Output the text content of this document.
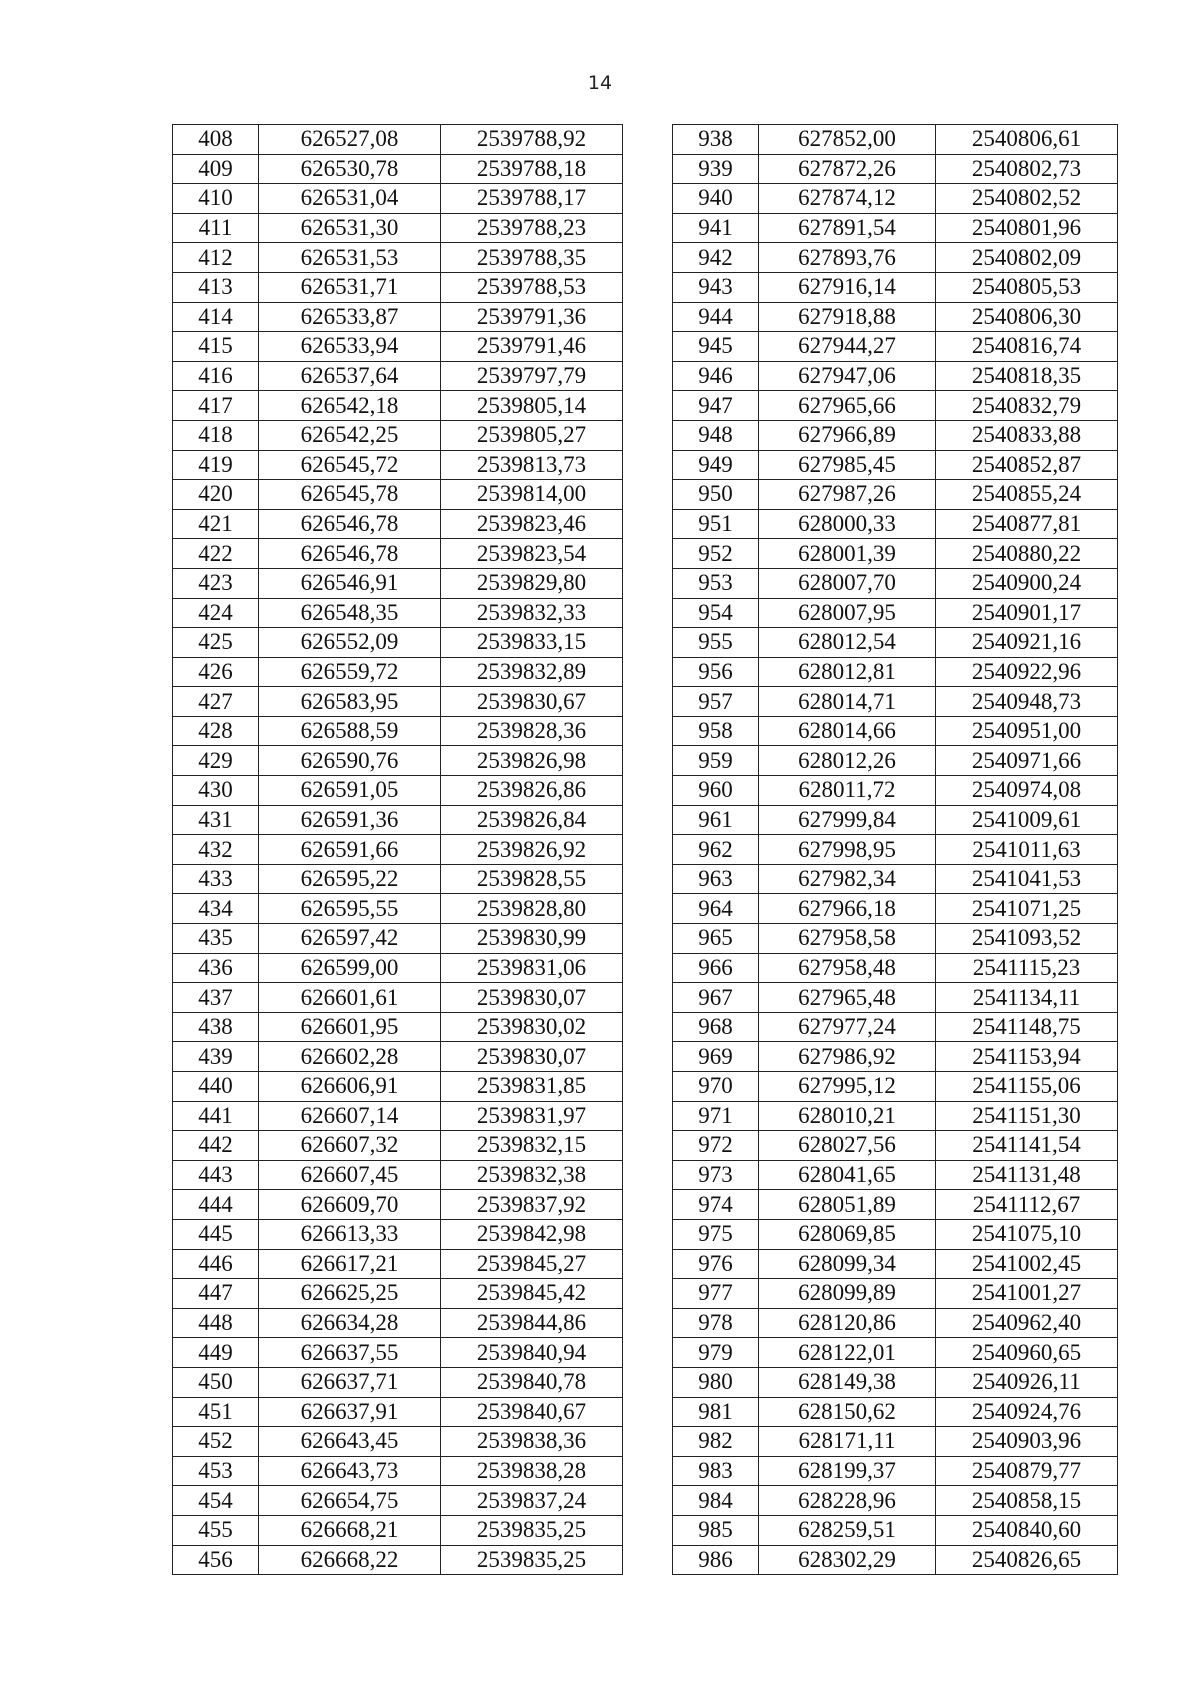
14
408	626527,08	2539788,92		938	627852,00	2540806,61
409	626530,78	2539788,18		939	627872,26	2540802,73
410	626531,04	2539788,17		940	627874,12	2540802,52
411	626531,30	2539788,23		941	627891,54	2540801,96
412	626531,53	2539788,35		942	627893,76	2540802,09
413	626531,71	2539788,53		943	627916,14	2540805,53
414	626533,87	2539791,36		944	627918,88	2540806,30
415	626533,94	2539791,46		945	627944,27	2540816,74
416	626537,64	2539797,79		946	627947,06	2540818,35
417	626542,18	2539805,14		947	627965,66	2540832,79
418	626542,25	2539805,27		948	627966,89	2540833,88
419	626545,72	2539813,73		949	627985,45	2540852,87
420	626545,78	2539814,00		950	627987,26	2540855,24
421	626546,78	2539823,46		951	628000,33	2540877,81
422	626546,78	2539823,54		952	628001,39	2540880,22
423	626546,91	2539829,80		953	628007,70	2540900,24
424	626548,35	2539832,33		954	628007,95	2540901,17
425	626552,09	2539833,15		955	628012,54	2540921,16
426	626559,72	2539832,89		956	628012,81	2540922,96
427	626583,95	2539830,67		957	628014,71	2540948,73
428	626588,59	2539828,36		958	628014,66	2540951,00
429	626590,76	2539826,98		959	628012,26	2540971,66
430	626591,05	2539826,86		960	628011,72	2540974,08
431	626591,36	2539826,84		961	627999,84	2541009,61
432	626591,66	2539826,92		962	627998,95	2541011,63
433	626595,22	2539828,55		963	627982,34	2541041,53
434	626595,55	2539828,80		964	627966,18	2541071,25
435	626597,42	2539830,99		965	627958,58	2541093,52
436	626599,00	2539831,06		966	627958,48	2541115,23
437	626601,61	2539830,07		967	627965,48	2541134,11
438	626601,95	2539830,02		968	627977,24	2541148,75
439	626602,28	2539830,07		969	627986,92	2541153,94
440	626606,91	2539831,85		970	627995,12	2541155,06
441	626607,14	2539831,97		971	628010,21	2541151,30
442	626607,32	2539832,15		972	628027,56	2541141,54
443	626607,45	2539832,38		973	628041,65	2541131,48
444	626609,70	2539837,92		974	628051,89	2541112,67
445	626613,33	2539842,98		975	628069,85	2541075,10
446	626617,21	2539845,27		976	628099,34	2541002,45
447	626625,25	2539845,42		977	628099,89	2541001,27
448	626634,28	2539844,86		978	628120,86	2540962,40
449	626637,55	2539840,94		979	628122,01	2540960,65
450	626637,71	2539840,78		980	628149,38	2540926,11
451	626637,91	2539840,67		981	628150,62	2540924,76
452	626643,45	2539838,36		982	628171,11	2540903,96
453	626643,73	2539838,28		983	628199,37	2540879,77
454	626654,75	2539837,24		984	628228,96	2540858,15
455	626668,21	2539835,25		985	628259,51	2540840,60
456	626668,22	2539835,25		986	628302,29	2540826,65
